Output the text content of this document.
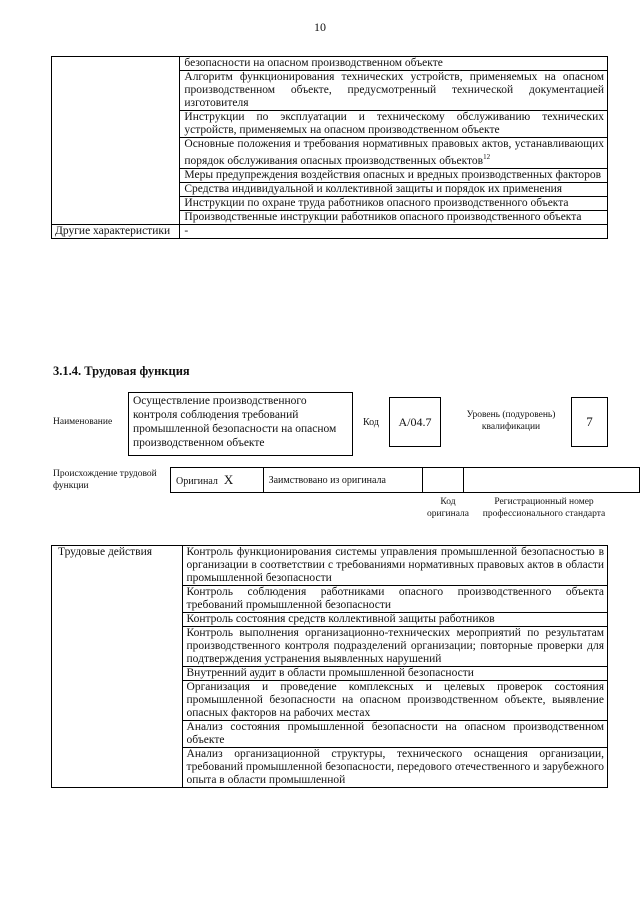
10
	безопасности на опасном производственном объекте
	Алгоритм функционирования технических устройств, применяемых на опасном производственном объекте, предусмотренный технической документацией изготовителя
	Инструкции по эксплуатации и техническому обслуживанию технических устройств, применяемых на опасном производственном объекте
	Основные положения и требования нормативных правовых актов, устанавливающих порядок обслуживания опасных производственных объектов$^{12}$
	Меры предупреждения воздействия опасных и вредных производственных факторов
	Средства индивидуальной и коллективной защиты и порядок их применения
	Инструкции по охране труда работников опасного производственного объекта
	Производственные инструкции работников опасного производственного объекта
Другие характеристики	-
3.1.4. Трудовая функция
Наименование
Осуществление производственного контроля соблюдения требований промышленной безопасности на опасном производственном объекте
Код	A/04.7	Уровень (подуровень) квалификации	7
Происхождение трудовой функции	Оригинал X	Заимствовано из оригинала		
Код оригинала
Регистрационный номер профессионального стандарта
Трудовые действия	Контроль функционирования системы управления промышленной безопасностью в организации в соответствии с требованиями нормативных правовых актов в области промышленной безопасности
Контроль соблюдения работниками опасного производственного объекта требований промышленной безопасности
Контроль состояния средств коллективной защиты работников
Контроль выполнения организационно-технических мероприятий по результатам производственного контроля подразделений организации; повторные проверки для подтверждения устранения выявленных нарушений
Внутренний аудит в области промышленной безопасности
Организация и проведение комплексных и целевых проверок состояния промышленной безопасности на опасном производственном объекте, выявление опасных факторов на рабочих местах
Анализ состояния промышленной безопасности на опасном производственном объекте
Анализ организационной структуры, технического оснащения организации, требований промышленной безопасности, передового отечественного и зарубежного опыта в области промышленной
